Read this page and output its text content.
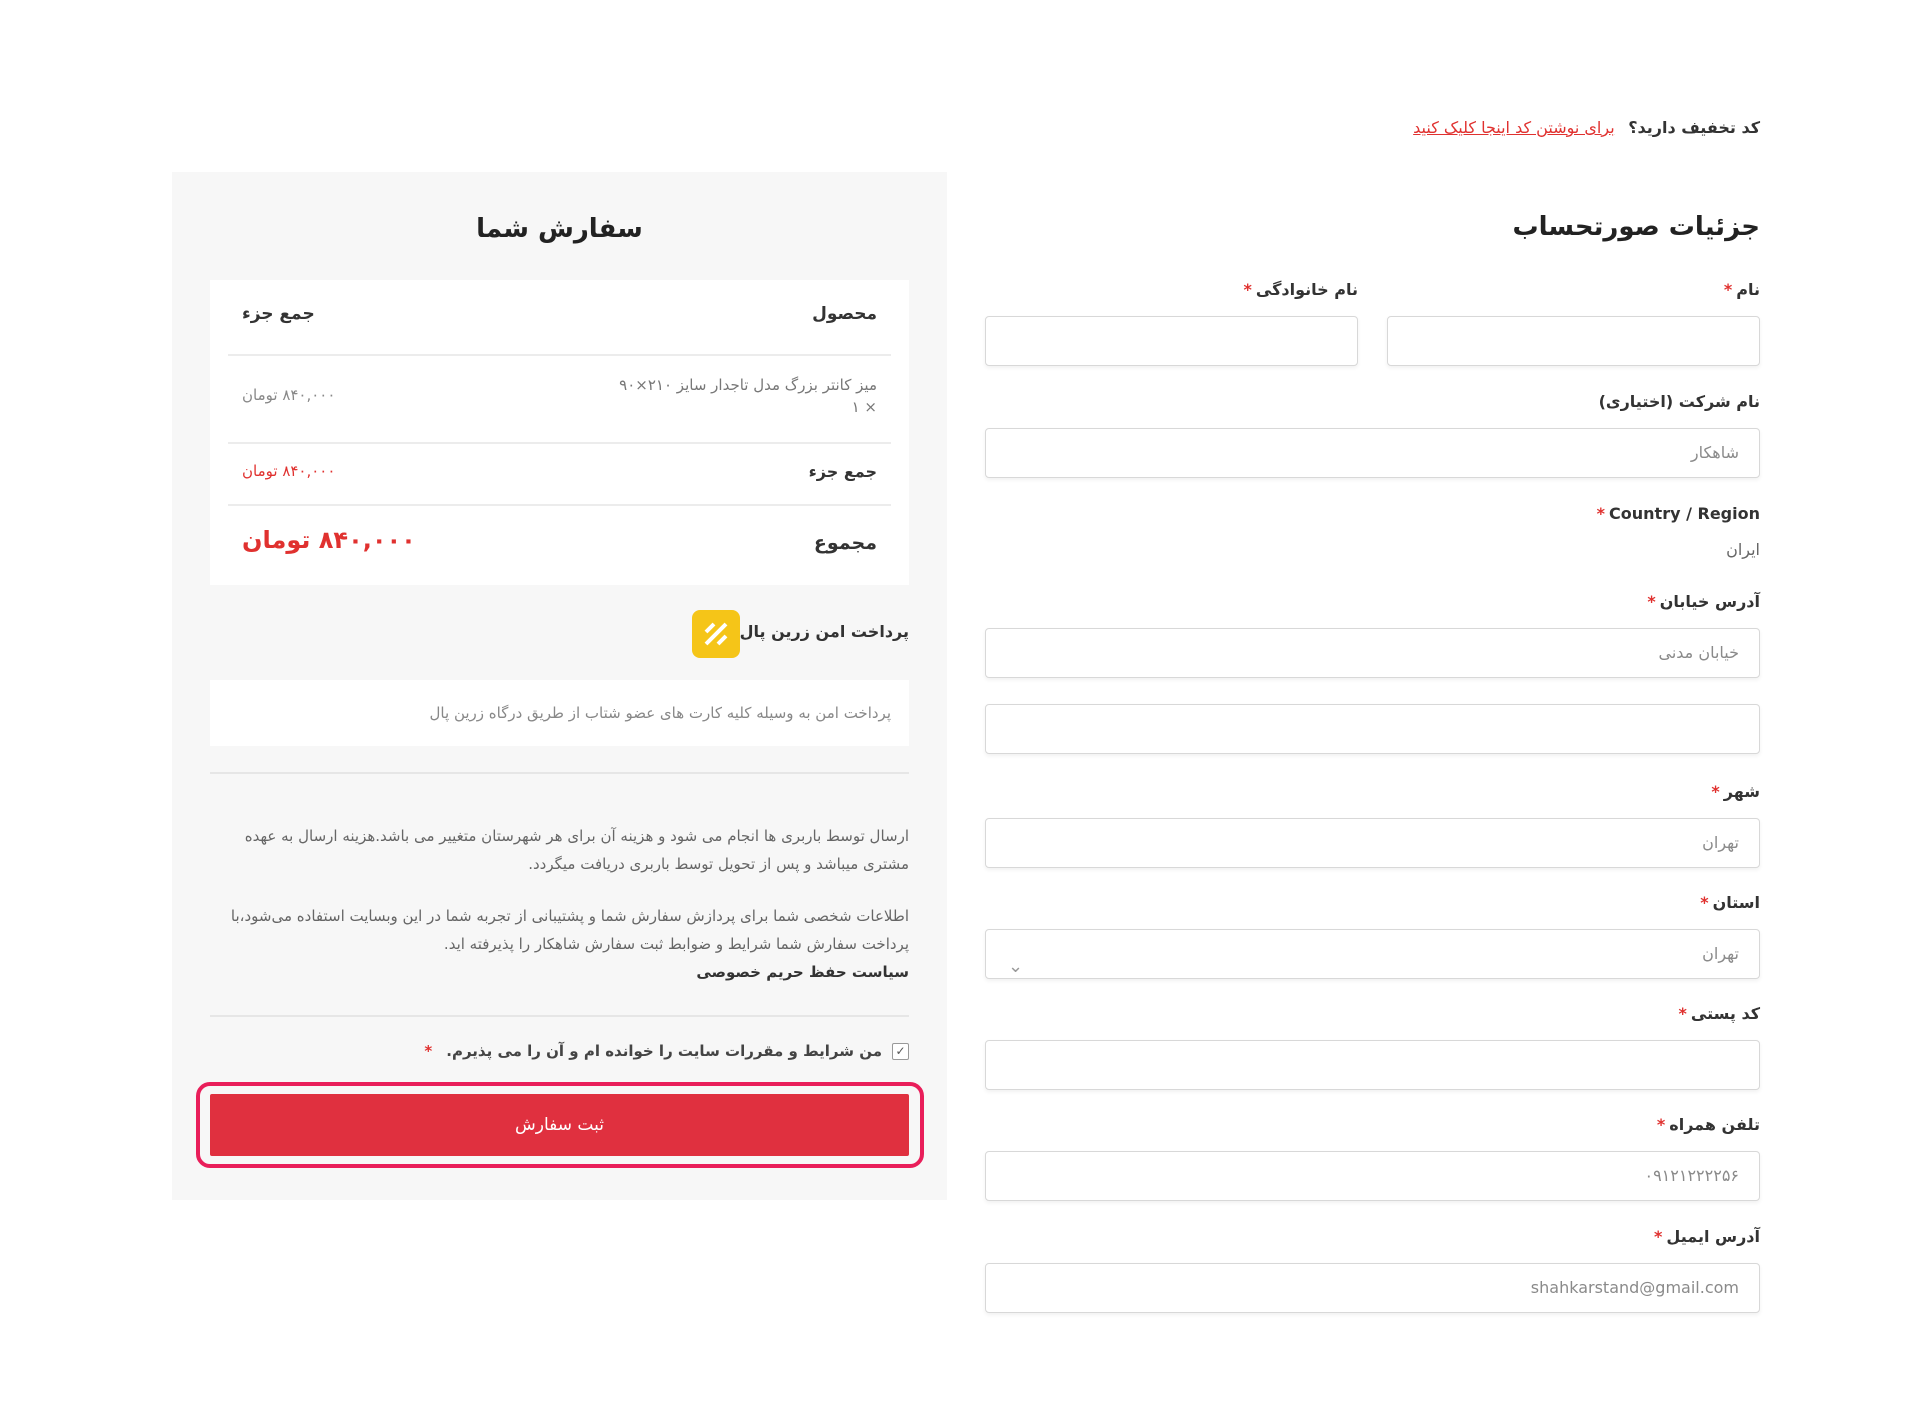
کد تخفیف دارید؟ برای نوشتن کد اینجا کلیک کنید
جزئیات صورتحساب
نام*
نام خانوادگی*
نام شرکت (اختیاری)
شاهکار
Country / Region*
ایران
آدرس خیابان*
خیابان مدنی
شهر*
تهران
استان*
تهران
⌄
کد پستی*
تلفن همراه*
۰۹۱۲۱۲۲۲۲۵۶
آدرس ایمیل*
shahkarstand@gmail.com
سفارش شما
محصول
جمع جزء
میز کانتر بزرگ مدل تاجدار سایز ۲۱۰×۹۰
× ۱
۸۴۰,۰۰۰ تومان
جمع جزء
۸۴۰,۰۰۰ تومان
مجموع
۸۴۰,۰۰۰ تومان
پرداخت امن زرین پال
پرداخت امن به وسیله کلیه کارت های عضو شتاب از طریق درگاه زرین پال
ارسال توسط باربری ها انجام می شود و هزینه آن برای هر شهرستان متغییر می باشد.هزینه ارسال به عهده مشتری میباشد و پس از تحویل توسط باربری دریافت میگردد.
اطلاعات شخصی شما برای پردازش سفارش شما و پشتیبانی از تجربه شما در این وبسایت استفاده می‌شود،با پرداخت سفارش شما شرایط و ضوابط ثبت سفارش شاهکار را پذیرفته اید.
سیاست حفظ حریم خصوصی
✓
من شرایط و مقررات سایت را خوانده ام و آن را می پذیرم.
*
ثبت سفارش
